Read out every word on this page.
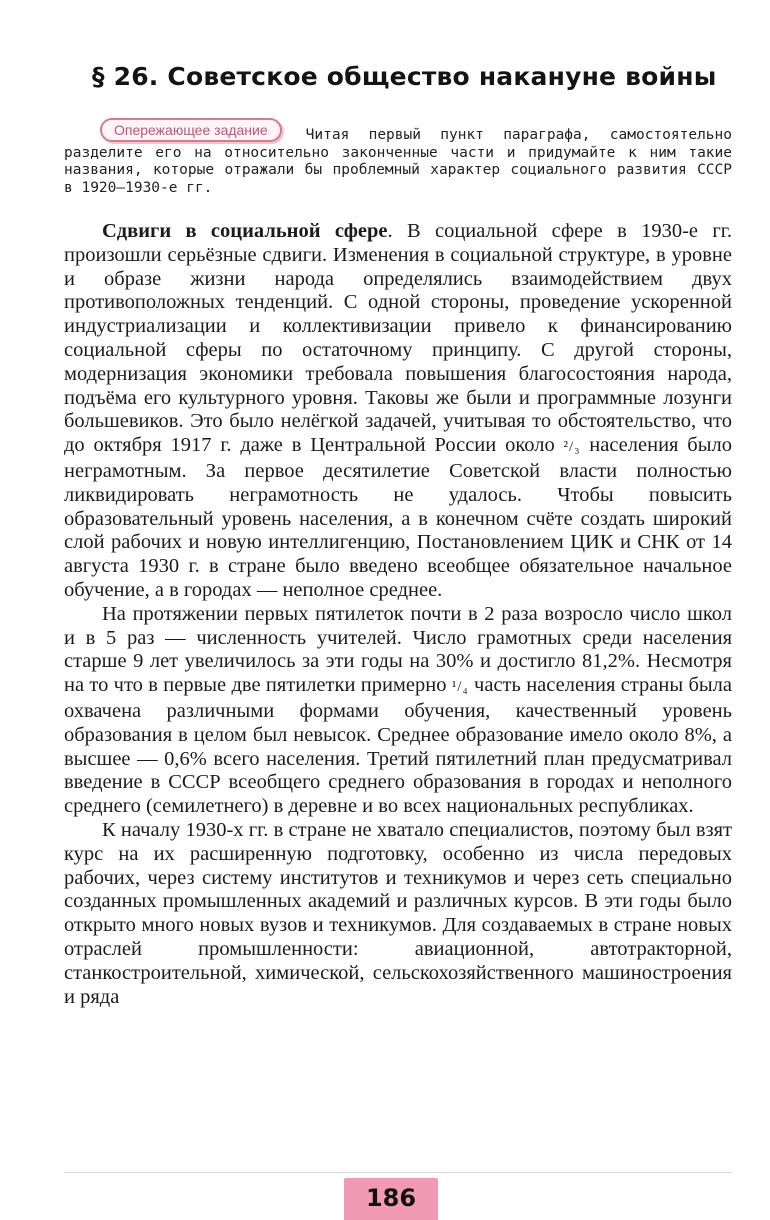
§ 26. Советское общество накануне войны
Опережающее задание	Читая первый пункт параграфа, самостоятельно разделите его на относительно законченные части и придумайте к ним такие названия, которые отражали бы проблемный характер социального развития СССР в 1920—1930-е гг.

Сдвиги в социальной сфере. В социальной сфере в 1930-е гг. произошли серьёзные сдвиги. Изменения в социальной структуре, в уровне и образе жизни народа определялись взаимодействием двух противоположных тенденций. С одной стороны, проведение ускоренной индустриализации и коллективизации привело к финансированию социальной сферы по остаточному принципу. С другой стороны, модернизация экономики требовала повышения благосостояния народа, подъёма его культурного уровня. Таковы же были и программные лозунги большевиков. Это было нелёгкой задачей, учитывая то обстоятельство, что до октября 1917 г. даже в Центральной России около ²/₃ населения было неграмотным. За первое десятилетие Советской власти полностью ликвидировать неграмотность не удалось. Чтобы повысить образовательный уровень населения, а в конечном счёте создать широкий слой рабочих и новую интеллигенцию, Постановлением ЦИК и СНК от 14 августа 1930 г. в стране было введено всеобщее обязательное начальное обучение, а в городах — неполное среднее.

На протяжении первых пятилеток почти в 2 раза возросло число школ и в 5 раз — численность учителей. Число грамотных среди населения старше 9 лет увеличилось за эти годы на 30% и достигло 81,2%. Несмотря на то что в первые две пятилетки примерно ¹/₄ часть населения страны была охвачена различными формами обучения, качественный уровень образования в целом был невысок. Среднее образование имело около 8%, а высшее — 0,6% всего населения. Третий пятилетний план предусматривал введение в СССР всеобщего среднего образования в городах и неполного среднего (семилетнего) в деревне и во всех национальных республиках.

К началу 1930-х гг. в стране не хватало специалистов, поэтому был взят курс на их расширенную подготовку, особенно из числа передовых рабочих, через систему институтов и техникумов и через сеть специально созданных промышленных академий и различных курсов. В эти годы было открыто много новых вузов и техникумов. Для создаваемых в стране новых отраслей промышленности: авиационной, автотракторной, станкостроительной, химической, сельскохозяйственного машиностроения и ряда

186
